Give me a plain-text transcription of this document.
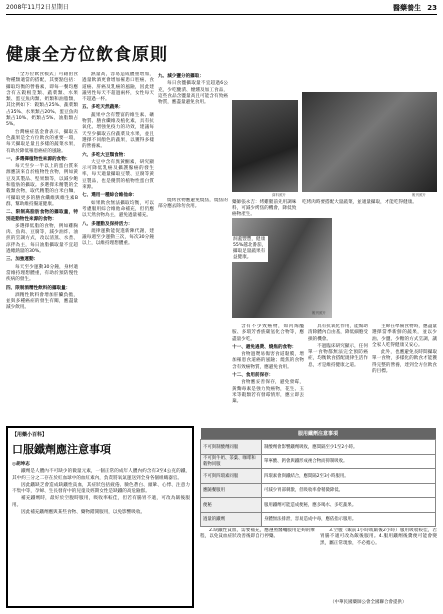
2008年11月2日星期日	醫藥養生 23
健康全方位飲食原則

「全方位飲食模式」可藉由食物種類適當的搭配，其要點包括：攝取均衡的營養素，即每一餐均應含有五穀根莖類、蔬菜類、水果類、蛋豆魚肉類、奶類和油脂類，其比例如下：穀類占25%、蔬菜類占35%、水果類占20%、蛋豆魚肉類占10%、奶類占5%、油脂類占5%。

台灣癌症基金會表示，攝取五色蔬果是全方位飲食的重要一環，每天攝取足量且多樣的蔬菜水果，有助於降低罹患癌症的風險。

一、多選擇植物性來源的食物：

每天至少一半以上的蛋白質來源應該來自於植物性食物，例如黃豆及其製品、堅果類等，以減少飽和脂肪的攝取。多選擇未精製的全穀類食物，取代精製的白米白麵，可攝取更多的膳食纖維與維生素B群，幫助維持腸道健康。

二、限制高脂肪食物的攝取量，特別是動物性來源的食物：

多選擇低脂的食物，例如雞胸肉、魚肉、豆腐等，減少油炸、油煎的烹調方式，改以清蒸、水煮、涼拌為主，每日油脂攝取量不宜超過總熱量的30%。

三、加強運動：

每天至少運動30分鐘，身材適當維持理想體重，有助於預防慢性疾病的發生。

四、限制酒精性飲料的攝取量：

酒精性飲料會增加肝臟負擔，並與多種癌症的發生有關，應盡量減少飲用。

熱量高，容易造成體重增加，過量飲酒更會增加罹患口腔癌、食道癌、肝癌及乳癌的風險，因此建議男性每天不超過兩杯，女性每天不超過一杯。

五、多吃天然蔬果：

蔬果中含有豐富的維生素、礦物質、膳食纖維及植化素，具有抗氧化、增強免疫力的功效，建議每天至少攝取五份蔬菜及水果，並且選擇不同顏色的蔬果，以獲得多樣的營養素。

六、多吃大豆類食物：

大豆中含有異黃酮素，研究顯示可降低乳癌及攝護腺癌的發生率，每天適量攝取豆漿、豆腐等黃豆製品，也是優質的植物性蛋白質來源。

七、選用一種綜合維他命：

如果飲食無法攝取均衡，可以考慮服用綜合維他命補充，但仍應以天然食物為主，避免過量補充。

八、多運動及保持活力：

規律運動能促進新陳代謝，建議每週至少運動三次，每次30分鐘以上，以維持理想體重。

九、減少鹽分的攝取：

每日食鹽攝取量不宜超過6公克，少吃醃漬、煙燻及加工食品，這些食品含鹽量高且可能含有致癌物質，應盡量避免食用。

資料照片
藥師張永吉：烤雞腿前先用調味料，可減少烤焦的機會，降低致癌物產生。
報刊照片
吃烤肉時要搭配大量蔬菜，並適量攝取，才能吃得健康。
洞蓋豐豐，健康55%越北番茄，攝取足量蔬果有益健康。
報刊照片

燒烤食物應避免燒焦，燒焦的部分應去除勿食用。

含有不少致癌物，如丙烯醯胺、多環芳香族碳氫化合物等，應盡量少吃。

十一、避免過燙、燒焦的食物：

食物過燙易傷害食道黏膜，增加罹患食道癌的風險；燒焦的食物含有致癌物質，應避免食用。

十二、食用前保存：

食物應妥善保存，避免發霉，黃麴毒素是強力致癌物，花生、玉米等穀類若有發霉情形，應立即丟棄。

具有抗氧化作用，能幫助清除體內自由基，降低細胞受損的機會。

不過臨床研究顯示，任何單一食物都無法完全預防癌症，均衡飲食搭配規律生活作息，才是維持健康之道。

主婦在準備食物時，應盡量選擇當季新鮮的蔬果，並以少油、少鹽、少糖的方式烹調，讓全家人吃得健康又安心。

此外，也應避免長時間攝取單一食物，多樣化的飲食才能獲得完整的營養，達到全方位飲食的目標。

【用藥小百科】
口服鐵劑應注意事項

◎胡坤志

鐵劑是人體內不可缺少的微量元素，一個正常的成年人體內約含有3至4公克的鐵，其中約三分之二存在於紅血球中的血紅素內，負責將氧氣運送到全身各個組織器官。

因此鐵缺乏會造成缺鐵性貧血，其症狀包括疲倦、臉色蒼白、頭暈、心悸、注意力不集中等，孕婦、生長發育中的兒童及經期女性是缺鐵的高危險群。

補充鐵劑時，最好於空腹時服用，吸收率較佳，但若有腸胃不適，可改為飯後服用。

因此補充鐵劑應與某些食物、藥物錯開服用，以免影響吸收。

服用鐵劑注意事項	
不可與制酸劑同服	制酸劑會影響鐵劑吸收，應間隔至少1至2小時。
不可與牛奶、茶葉、咖啡和穀物同服	單寧酸、鈣會與鐵形成複合物而抑制吸收。
不可與四環素同服	四環素會與鐵結合，應間隔2至3小時服用。
應隨餐服用	可減少胃部刺激，但吸收率會稍微降低。
便秘	服用鐵劑可能造成便秘，應多喝水、多吃蔬果。
過量的鐵劑	身體無法排泄，容易造成中毒，應依指示服用。

2.缺鐵性貧血，需要補充，應遵照醫囑服用足夠的療程，以免貧血症狀改善後即自行停藥。

3.空腹（飯前1小時或飯後2小時）服用吸收較佳，若胃腸不適可改為飯後服用。4.服用鐵劑後糞便可能會變黑，屬正常現象，不必擔心。

（中華民國藥師公會全國聯合會提供）
